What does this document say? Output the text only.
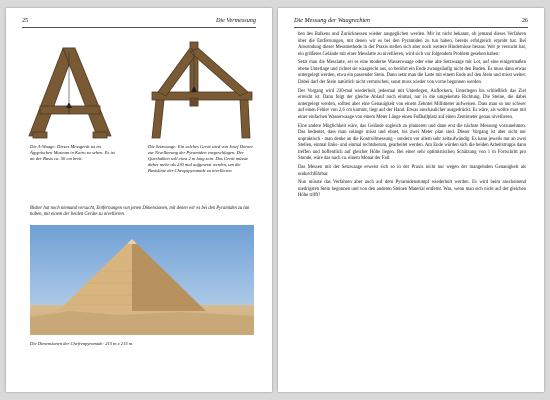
25	Die Vermessung
Die A-Waage: Dieses Messgerät ist im Ägyptischen Museum in Kairo zu sehen. Es ist an der Basis ca. 50 cm breit.
Die Setzwaage: Ein solches Gerät wird von Josef Dorner zur Nivellierung der Pyramiden vorgeschlagen. Der Querbalken soll etwa 2 m lang sein. Das Gerät müsste daher mehr als 230 mal aufgesetzt werden, um die Basislinie der Cheopspyramide zu nivellieren.
Bisher hat noch niemand versucht, Entfernungen von jenen Dimensionen, mit denen wir es bei den Pyramiden zu tun haben, mit einem der beiden Geräte zu nivellieren.
Die Dimensionen der Chefrenpyramide: 215 m x 215 m.
Die Messung der Waagrechten	26

ben des Balkens und Zurücknessen wieder ausgeglichen werden. Mir ist nicht bekannt, ob jemand dieses Verfahren über die Entfernungen, mit denen wir es bei den Pyramiden zu tun haben, bereits erfolgreich erprobt hat. Bei Anwendung dieser Messmethode in der Praxis stellen sich aber noch weitere Hindernisse heraus. Wer je versucht hat, ein größeres Gelände mit einer Messlatte zu nivellieren, wird sich vor folgendem Problem gesehen haben:

Setzt man die Messlatte, sei es eine moderne Wasserwaage oder eine alte Setzwaage mit Lot, auf eine einigermaßen ebene Unterlage und richtet sie waagrecht aus, so berührt ein Ende zwangsläufig nicht den Boden. Es muss dann etwas untergelegt werden, etwa ein passender Stein. Dann setzt man die Latte mit einem Ende auf den Stein und misst weiter. Dabei darf der Stein natürlich nicht verrutschen, sonst muss wieder von vorne begonnen werden.

Der Vorgang wird 230-mal wiederholt, jedesmal mit Unterlegen, Auflockern, Unterlegen bis schließlich das Ziel erreicht ist. Dann folgt der gleiche Ablauf noch einmal, nur in die umgekehrte Richtung. Die Steine, die dabei untergelegt werden, sollten aber eine Genauigkeit von einem Zehntel Millimeter aufweisen. Dass man so nur schwer auf einen Fehler von 2,6 cm kommt, liegt auf der Hand. Etwas anschaulicher ausgedrückt: Es wäre, als wollte man mit einer einfachen Wasserwaage von einem Meter Länge einen Fußballplatz auf einen Zentimeter genau nivellieren.

Eine andere Möglichkeit wäre, das Gelände sogleich zu planieren und dann erst die nächste Messung vorzunehmen. Das bedeutet, dass man solange misst und ebnet, bis zwei Meter plan sind. Dieser Vorgang ist aber sicht nur unpraktisch - man denke an die Kontrollmessung - sondern vor allem sehr zeitaufwändig. Es kann jeweils nur an zwei Stellen, einmal links- und einmal rechtsherum, gearbeitet werden. Am Ende würden sich die beiden Arbeitstrupps dann treffen und hoffentlich auf gleicher Höhe liegen. Bei einer sehr optimistischen Schätzung von 1 m Fortschritt pro Stunde, wäre das nach ca. einem Monat der Fall.

Das Messen mit der Setzwaage erweist sich so in der Praxis nicht nur wegen der mangelnden Genauigkeit als undurchführbar.

Nun müsste das Verfahren aber auch auf dem Pyramidenstumpf wiederholt werden. Es wird beim anscheinend niedrigsten Stein begonnen und von den anderen Steinen Material entfernt. Was, wenn man sich nicht auf der gleichen Höhe trifft?
